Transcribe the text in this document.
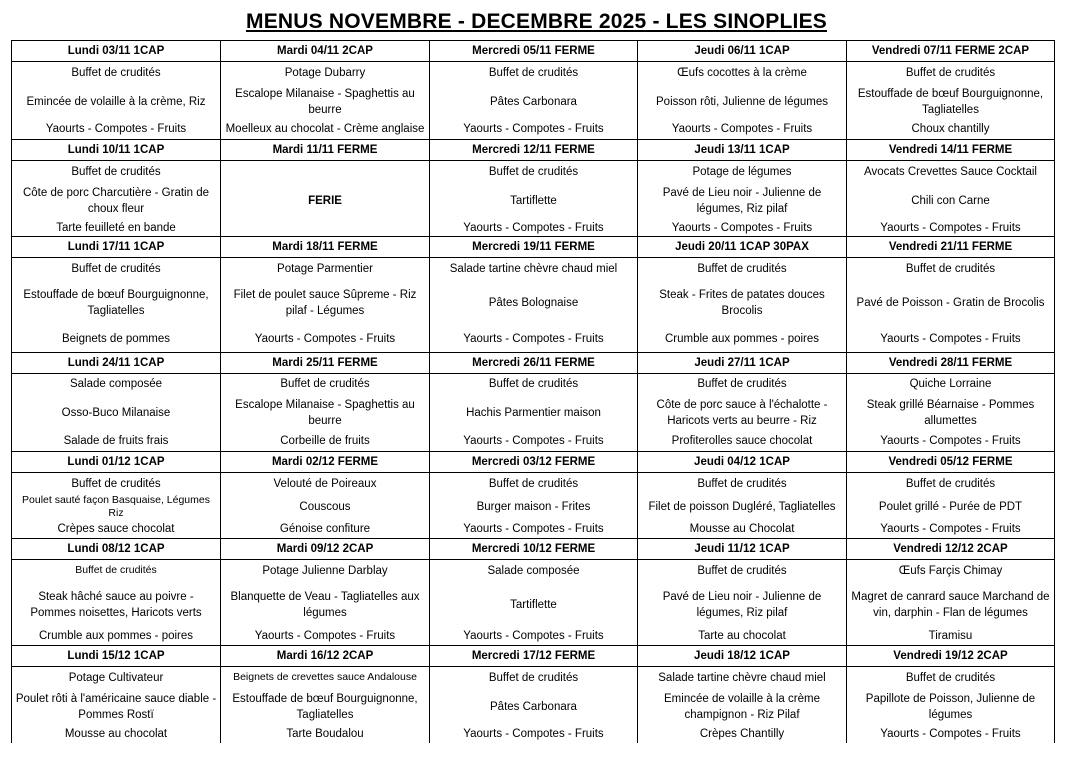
MENUS NOVEMBRE - DECEMBRE 2025 - LES SINOPLIES
Lundi 03/11 1CAP	Mardi 04/11 2CAP	Mercredi 05/11 FERME	Jeudi 06/11 1CAP	Vendredi 07/11 FERME 2CAP

Buffet de crudités	Potage Dubarry	Buffet de crudités	Œufs cocottes à la crème	Buffet de crudités

Emincée de volaille à la crème, Riz	Escalope Milanaise - Spaghettis au beurre	Pâtes Carbonara	Poisson rôti, Julienne de légumes	Estouffade de bœuf Bourguignonne, Tagliatelles

Yaourts - Compotes - Fruits	Moelleux au chocolat - Crème anglaise	Yaourts - Compotes - Fruits	Yaourts - Compotes - Fruits	Choux chantilly

Lundi 10/11 1CAP	Mardi 11/11 FERME	Mercredi 12/11 FERME	Jeudi 13/11 1CAP	Vendredi 14/11 FERME

Buffet de crudités		Buffet de crudités	Potage de légumes	Avocats Crevettes Sauce Cocktail

Côte de porc Charcutière - Gratin de choux fleur	FERIE	Tartiflette	Pavé de Lieu noir - Julienne de légumes, Riz pilaf	Chili con Carne

Tarte feuilleté en bande		Yaourts - Compotes - Fruits	Yaourts - Compotes - Fruits	Yaourts - Compotes - Fruits

Lundi 17/11 1CAP	Mardi 18/11 FERME	Mercredi 19/11 FERME	Jeudi 20/11 1CAP 30PAX	Vendredi 21/11 FERME

Buffet de crudités	Potage Parmentier	Salade tartine chèvre chaud miel	Buffet de crudités	Buffet de crudités

Estouffade de bœuf Bourguignonne, Tagliatelles	Filet de poulet sauce Sûpreme - Riz pilaf - Légumes	Pâtes Bolognaise	Steak - Frites de patates douces Brocolis	Pavé de Poisson - Gratin de Brocolis

Beignets de pommes	Yaourts - Compotes - Fruits	Yaourts - Compotes - Fruits	Crumble aux pommes - poires	Yaourts - Compotes - Fruits

Lundi 24/11 1CAP	Mardi 25/11 FERME	Mercredi 26/11 FERME	Jeudi 27/11 1CAP	Vendredi 28/11 FERME

Salade composée	Buffet de crudités	Buffet de crudités	Buffet de crudités	Quiche Lorraine

Osso-Buco Milanaise	Escalope Milanaise - Spaghettis au beurre	Hachis Parmentier maison	Côte de porc sauce à l'échalotte - Haricots verts au beurre - Riz	Steak grillé Béarnaise - Pommes allumettes

Salade de fruits frais	Corbeille de fruits	Yaourts - Compotes - Fruits	Profiterolles sauce chocolat	Yaourts - Compotes - Fruits

Lundi 01/12 1CAP	Mardi 02/12 FERME	Mercredi 03/12 FERME	Jeudi 04/12 1CAP	Vendredi 05/12 FERME

Buffet de crudités	Velouté de Poireaux	Buffet de crudités	Buffet de crudités	Buffet de crudités

Poulet sauté façon Basquaise, Légumes Riz	Couscous	Burger maison - Frites	Filet de poisson Dugléré, Tagliatelles	Poulet grillé - Purée de PDT

Crèpes sauce chocolat	Génoise confiture	Yaourts - Compotes - Fruits	Mousse au Chocolat	Yaourts - Compotes - Fruits

Lundi 08/12 1CAP	Mardi 09/12 2CAP	Mercredi 10/12 FERME	Jeudi 11/12 1CAP	Vendredi 12/12 2CAP

Buffet de crudités	Potage Julienne Darblay	Salade composée	Buffet de crudités	Œufs Farçis Chimay

Steak hâché sauce au poivre - Pommes noisettes, Haricots verts	Blanquette de Veau - Tagliatelles aux légumes	Tartiflette	Pavé de Lieu noir - Julienne de légumes, Riz pilaf	Magret de canrard sauce Marchand de vin, darphin - Flan de légumes

Crumble aux pommes - poires	Yaourts - Compotes - Fruits	Yaourts - Compotes - Fruits	Tarte au chocolat	Tiramisu

Lundi 15/12 1CAP	Mardi 16/12 2CAP	Mercredi 17/12 FERME	Jeudi 18/12 1CAP	Vendredi 19/12 2CAP

Potage Cultivateur	Beignets de crevettes sauce Andalouse	Buffet de crudités	Salade tartine chèvre chaud miel	Buffet de crudités

Poulet rôti à l'américaine sauce diable - Pommes Rostï	Estouffade de bœuf Bourguignonne, Tagliatelles	Pâtes Carbonara	Emincée de volaille à la crème champignon - Riz Pilaf	Papillote de Poisson, Julienne de légumes

Mousse au chocolat	Tarte Boudalou	Yaourts - Compotes - Fruits	Crèpes Chantilly	Yaourts - Compotes - Fruits
